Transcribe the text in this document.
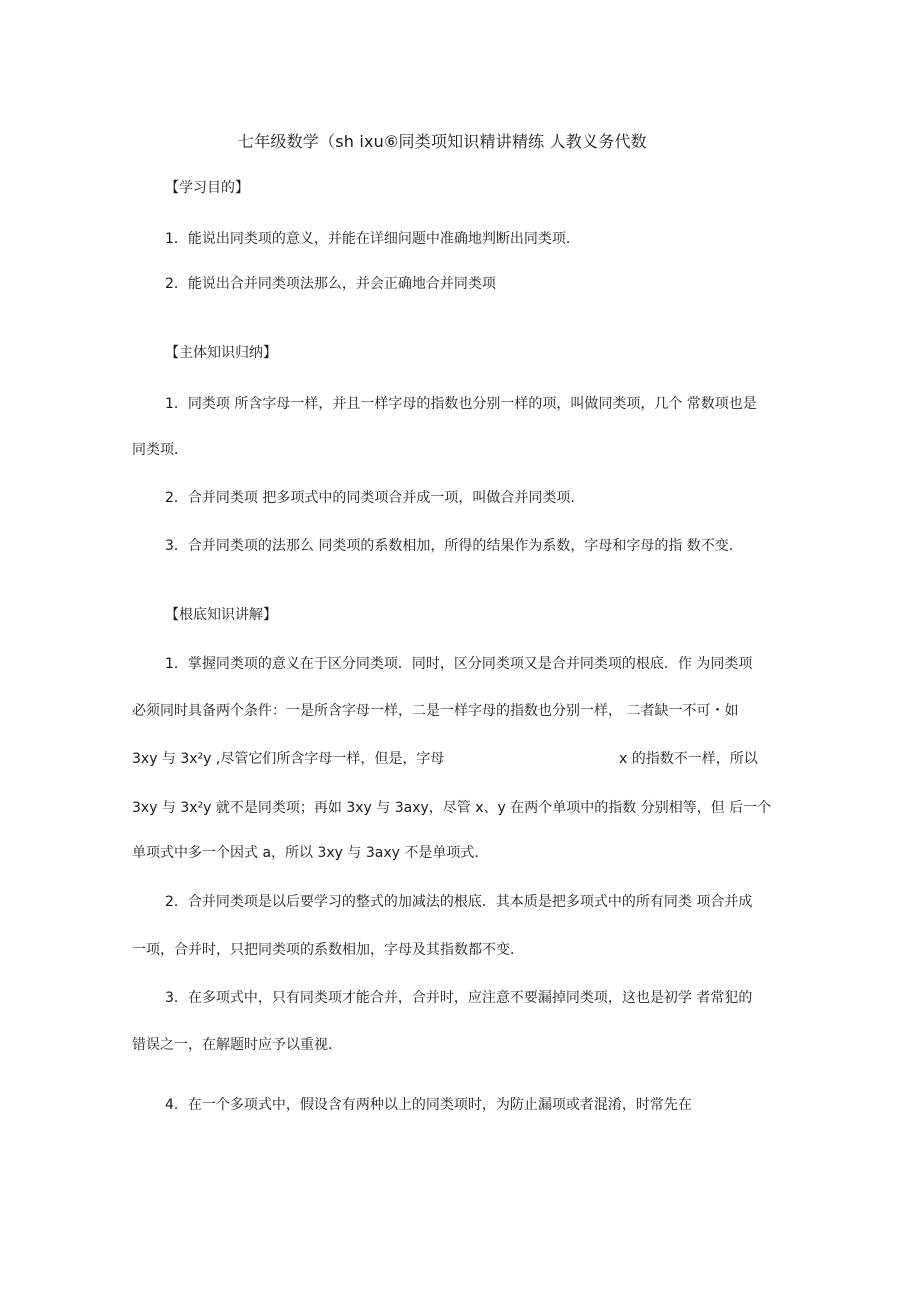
七年级数学（sh ixu⑥同类项知识精讲精练 人教义务代数
【学习目的】
1．能说出同类项的意义，并能在详细问题中准确地判断出同类项．
2．能说出合并同类项法那么，并会正确地合并同类项
【主体知识归纳】
1．同类项 所含字母一样，并且一样字母的指数也分别一样的项，叫做同类项，几个 常数项也是
同类项．
2．合并同类项 把多项式中的同类项合并成一项，叫做合并同类项．
3．合并同类项的法那么 同类项的系数相加，所得的结果作为系数，字母和字母的指 数不变．
【根底知识讲解】
1．掌握同类项的意义在于区分同类项．同时，区分同类项又是合并同类项的根底．作 为同类项
必须同时具备两个条件：一是所含字母一样，二是一样字母的指数也分别一样， 二者缺一不可・如
3xy 与 3x²y ,尽管它们所含字母一样，但是，字母	x 的指数不一样，所以
3xy 与 3x²y 就不是同类项；再如 3xy 与 3axy，尽管 x、y 在两个单项中的指数 分别相等，但 后一个
单项式中多一个因式 a，所以 3xy 与 3axy 不是单项式．
2．合并同类项是以后要学习的整式的加减法的根底．其本质是把多项式中的所有同类 项合并成
一项，合并时，只把同类项的系数相加，字母及其指数都不变．
3．在多项式中，只有同类项才能合并，合并时，应注意不要漏掉同类项，这也是初学 者常犯的
错误之一，在解题时应予以重视．
4．在一个多项式中，假设含有两种以上的同类项时，为防止漏项或者混淆，时常先在
